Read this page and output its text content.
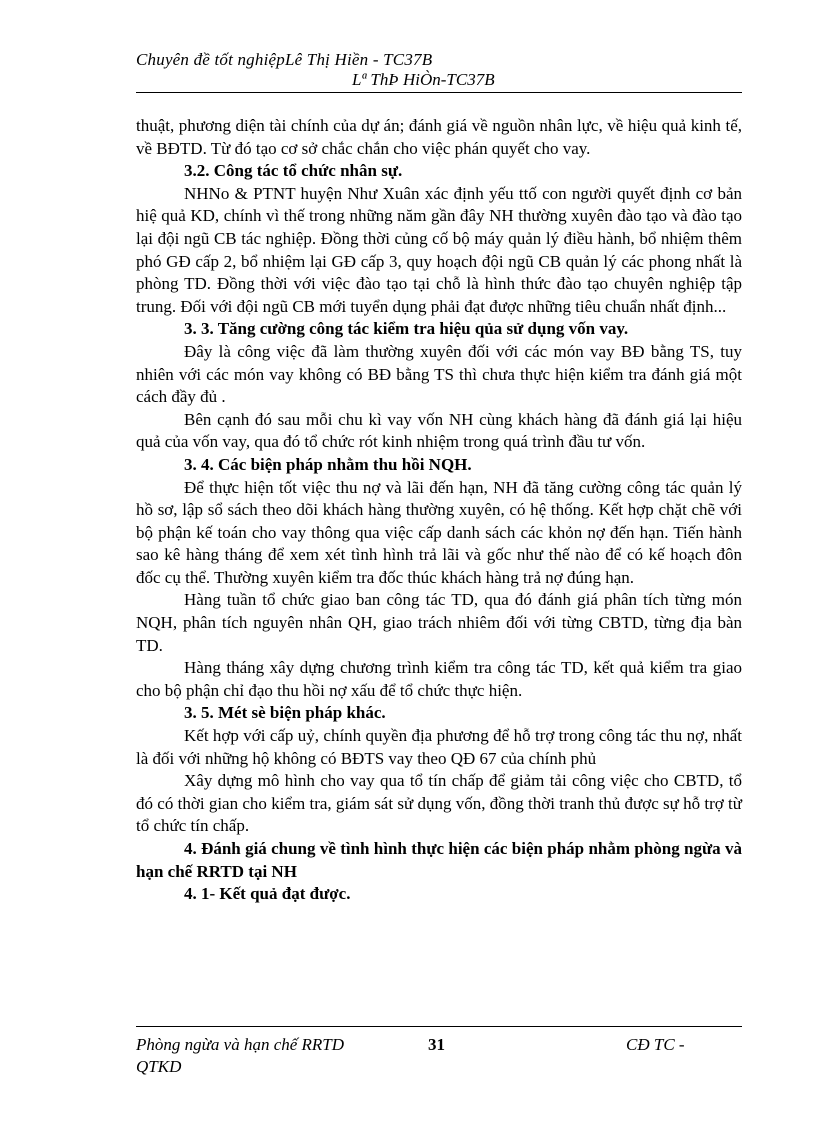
Chuyên đề tốt nghiệpLê Thị Hiền - TC37B
Lª ThÞ HiÒn-TC37B

thuật, phương diện tài chính của dự án; đánh giá về nguồn nhân lực, về hiệu quả kinh tế, về BĐTD. Từ đó tạo cơ sở chắc chắn cho việc phán quyết cho vay.

3.2. Công tác tổ chức nhân sự.

NHNo & PTNT huyện Như Xuân xác định yếu ttố con người quyết định cơ bản hiệ quả KD, chính vì thế trong những năm gần đây NH thường xuyên đào tạo và đào tạo lại đội ngũ CB tác nghiệp. Đồng thời củng cố bộ máy quản lý điều hành, bổ nhiệm thêm phó GĐ cấp 2, bổ nhiệm lại GĐ cấp 3, quy hoạch đội ngũ CB quản lý các phong nhất là phòng TD. Đồng thời với việc đào tạo tại chỗ là hình thức đào tạo chuyên nghiệp tập trung. Đối với đội ngũ CB mới tuyển dụng phải đạt được những tiêu chuẩn nhất định...

3. 3. Tăng cường công tác kiểm tra hiệu qủa sử dụng vốn vay.

Đây là công việc đã làm thường xuyên đối với các món vay BĐ bằng TS, tuy nhiên với các món vay không có BĐ bằng TS thì chưa thực hiện kiểm tra đánh giá một cách đầy đủ .

Bên cạnh đó sau mỗi chu kì vay vốn NH cùng khách hàng đã đánh giá lại hiệu quả của vốn vay, qua đó tổ chức rót kinh nhiệm trong quá trình đầu tư vốn.

3. 4. Các biện pháp nhằm thu hồi NQH.

Để thực hiện tốt việc thu nợ và lãi đến hạn, NH đã tăng cường công tác quản lý hồ sơ, lập sổ sách theo dõi khách hàng thường xuyên, có hệ thống. Kết hợp chặt chẽ với bộ phận kế toán cho vay thông qua việc cấp danh sách các khỏn nợ đến hạn. Tiến hành sao kê hàng tháng để xem xét tình hình trả lãi và gốc như thế nào để có kế hoạch đôn đốc cụ thể. Thường xuyên kiểm tra đốc thúc khách hàng trả nợ đúng hạn.

Hàng tuần tổ chức giao ban công tác TD, qua đó đánh giá phân tích từng món NQH, phân tích nguyên nhân QH, giao trách nhiêm đối với từng CBTD, từng địa bàn TD.

Hàng tháng xây dựng chương trình kiểm tra công tác TD, kết quả kiểm tra giao cho bộ phận chỉ đạo thu hồi nợ xấu để tổ chức thực hiện.

3. 5. Mét sè biện pháp khác.

Kết hợp với cấp uỷ, chính quyền địa phương để hỗ trợ trong công tác thu nợ, nhất là đối với những hộ không có BĐTS vay theo QĐ 67 của chính phủ

Xây dựng mô hình cho vay qua tổ tín chấp để giảm tải công việc cho CBTD, tổ đó có thời gian cho kiểm tra, giám sát sử dụng vốn, đồng thời tranh thủ được sự hỗ trợ từ tổ chức tín chấp.

4. Đánh giá chung về tình hình thực hiện các biện pháp nhằm phòng ngừa và hạn chế RRTD tại NH

4. 1- Kết quả đạt được.

Phòng ngừa và hạn chế RRTD	31	CĐ TC -
QTKD
